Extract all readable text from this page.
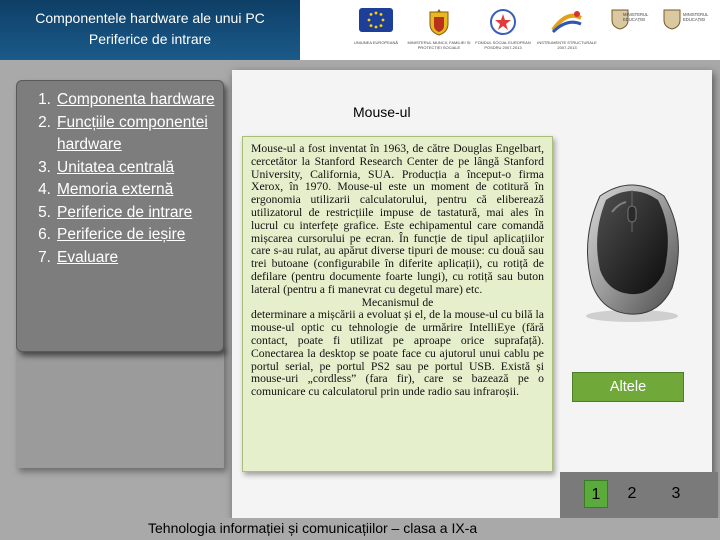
Componentele hardware ale unui PC
Periferice de intrare	UNIUNEA EUROPEANĂ	MINISTERUL MUNCII, FAMILIEI ȘI PROTECȚIEI SOCIALE
FONDUL SOCIAL EUROPEAN POSDRU 2007-2013
INSTRUMENTE STRUCTURALE 2007-2013
MINISTERUL EDUCAȚIEI
MINISTERUL EDUCAȚIEI
1. Componenta hardware
2. Funcțiile componentei hardware
3. Unitatea centrală
4. Memoria externă
5. Periferice de intrare
6. Periferice de ieșire
7. Evaluare
Mouse-ul

Mouse-ul a fost inventat în 1963, de către Douglas Engelbart, cercetător la Stanford Research Center de pe lângă Stanford University, California, SUA. Producția a început-o firma Xerox, în 1970. Mouse-ul este un moment de cotitură în ergonomia utilizarii calculatorului, pentru că eliberează utilizatorul de restricțiile impuse de tastatură, mai ales în lucrul cu interfețe grafice. Este echipamentul care comandă mișcarea cursorului pe ecran. În funcție de tipul aplicațiilor care s-au rulat, au apărut diverse tipuri de mouse: cu două sau trei butoane (configurabile în diferite aplicații), cu rotiță de defilare (pentru documente foarte lungi), cu rotiță sau buton lateral (pentru a fi manevrat cu degetul mare) etc.

Mecanismul de

determinare a mișcării a evoluat și el, de la mouse-ul cu bilă la mouse-ul optic cu tehnologie de urmărire IntelliEye (fără contact, poate fi utilizat pe aproape orice suprafață). Conectarea la desktop se poate face cu ajutorul unui cablu pe portul serial, pe portul PS2 sau pe portul USB. Există și mouse-uri „cordless” (fara fir), care se bazează pe o comunicare cu calculatorul prin unde radio sau infraroșii.	Altele
1	2	3
Tehnologia informației și comunicațiilor – clasa a IX-a
